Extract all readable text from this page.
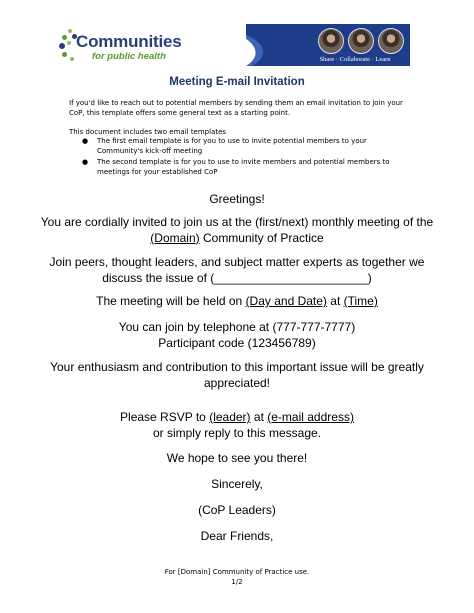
Communities
for public health	Share · Collaborate · Learn
Meeting E-mail Invitation
If you'd like to reach out to potential members by sending them an email invitation to join your CoP, this template offers some general text as a starting point.
This document includes two email templates
● The first email template is for you to use to invite potential members to your Community's kick-off meeting
● The second template is for you to use to invite members and potential members to meetings for your established CoP
Greetings!
You are cordially invited to join us at the (first/next) monthly meeting of the (Domain) Community of Practice
Join peers, thought leaders, and subject matter experts as together we discuss the issue of (_______________________)
The meeting will be held on (Day and Date) at (Time)
You can join by telephone at (777-777-7777)
Participant code (123456789)
Your enthusiasm and contribution to this important issue will be greatly appreciated!
Please RSVP to (leader) at (e-mail address)
or simply reply to this message.
We hope to see you there!
Sincerely,
(CoP Leaders)
Dear Friends,
For [Domain] Community of Practice use.
1/2
